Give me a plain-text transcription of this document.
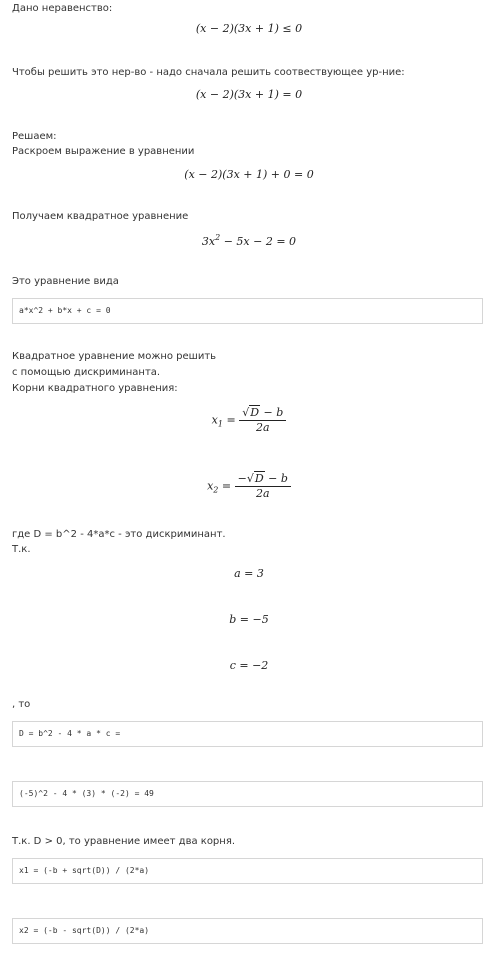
Дано неравенство:
(x − 2)(3x + 1) ≤ 0
Чтобы решить это нер-во - надо сначала решить соотвествующее ур-ние:
(x − 2)(3x + 1) = 0
Решаем:
Раскроем выражение в уравнении
(x − 2)(3x + 1) + 0 = 0
Получаем квадратное уравнение
$3x^2 - 5x - 2 = 0$
Это уравнение вида
a*x^2 + b*x + c = 0
Квадратное уравнение можно решить
с помощью дискриминанта.
Корни квадратного уравнения:
$x_1 = \frac{√D - b}{2a}$
$x_2 = \frac{-√D - b}{2a}$
где D = b^2 - 4*a*c - это дискриминант.
Т.к.
a = 3
b = −5
c = −2
, то
D = b^2 - 4 * a * c =
(-5)^2 - 4 * (3) * (-2) = 49
Т.к. D > 0, то уравнение имеет два корня.
x1 = (-b + sqrt(D)) / (2*a)
x2 = (-b - sqrt(D)) / (2*a)
